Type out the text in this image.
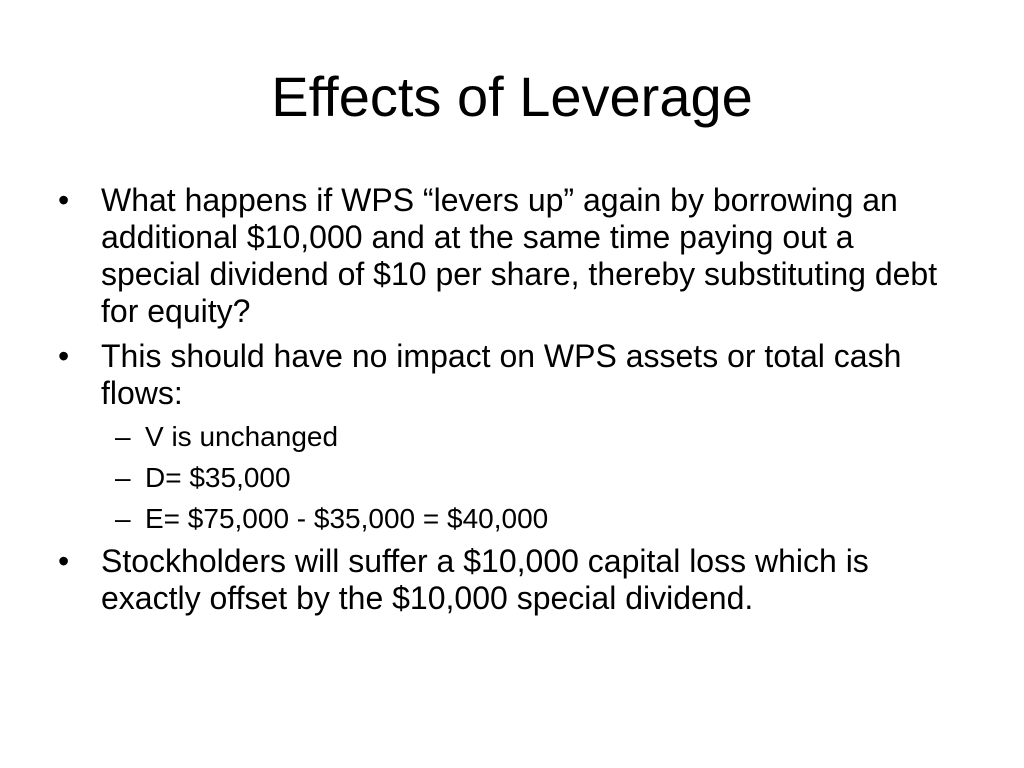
Effects of Leverage
• What happens if WPS “levers up” again by borrowing an additional $10,000 and at the same time paying out a special dividend of $10 per share, thereby substituting debt for equity?
• This should have no impact on WPS assets or total cash flows:
– V is unchanged
– D= $35,000
– E= $75,000 - $35,000 = $40,000
• Stockholders will suffer a $10,000 capital loss which is exactly offset by the $10,000 special dividend.
